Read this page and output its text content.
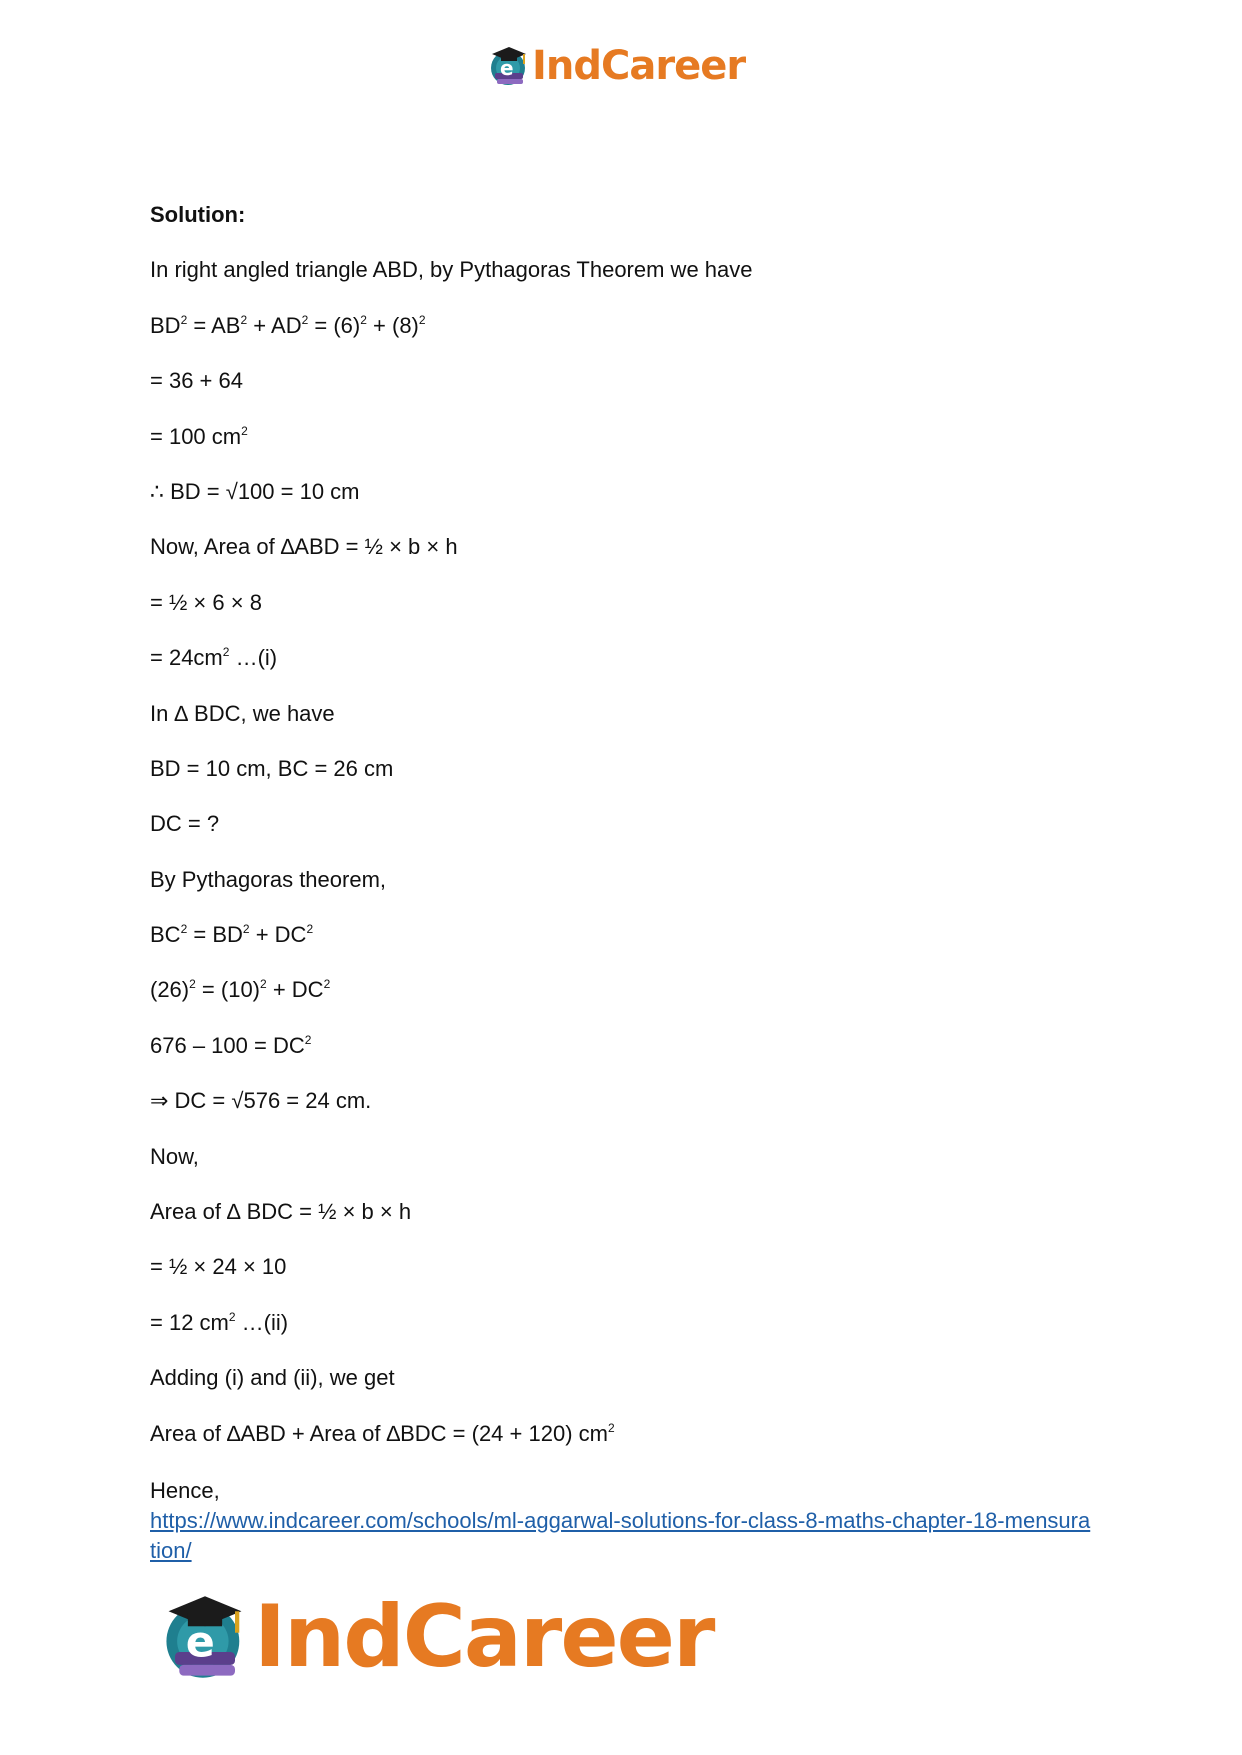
e IndCareer
Solution:
In right angled triangle ABD, by Pythagoras Theorem we have
$BD^2 = AB^2 + AD^2 = (6)^2 + (8)^2$
= 36 + 64
= 100 $cm^2$
∴ BD = √100 = 10 cm
Now, Area of ∆ABD = ½ × b × h
= ½ × 6 × 8
= $24cm^2$ …(i)
In ∆ BDC, we have
BD = 10 cm, BC = 26 cm
DC = ?
By Pythagoras theorem,
$BC^2 = BD^2 + DC^2$
$(26)^2 = (10)^2 + DC^2$
$676 - 100 = DC^2$
⇒ DC = √576 = 24 cm.
Now,
Area of ∆ BDC = ½ × b × h
= ½ × 24 × 10
= 12 $cm^2$ …(ii)
Adding (i) and (ii), we get
Area of ∆ABD + Area of ∆BDC = (24 + 120) $cm^2$
Hence,
https://www.indcareer.com/schools/ml-aggarwal-solutions-for-class-8-maths-chapter-18-mensuration/
e IndCareer
